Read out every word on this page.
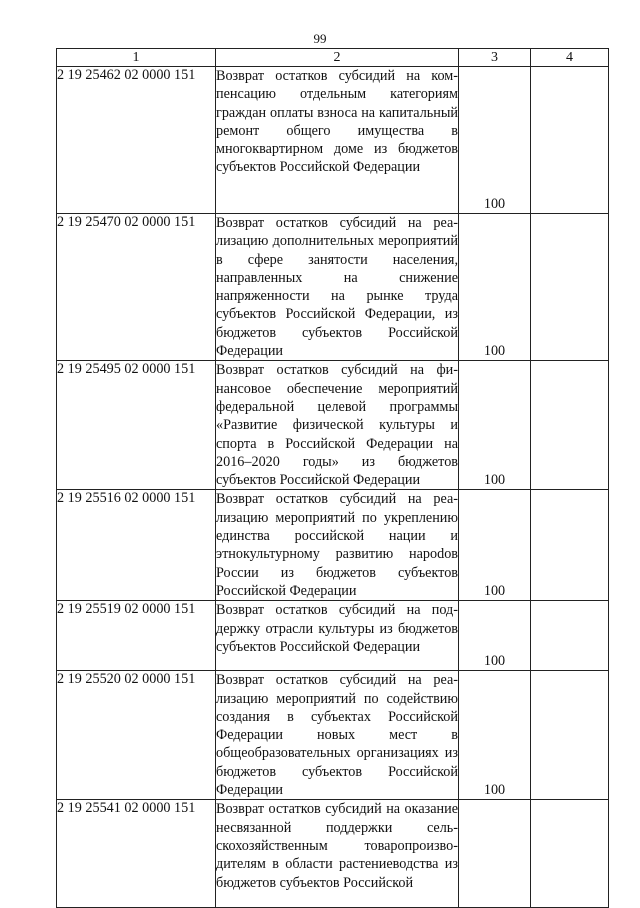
99
1	2	3	4
2 19 25462 02 0000 151	Возврат остатков субсидий на компенсацию отдельным категориям граждан оплаты взноса на капитальный ремонт общего имущества в многоквартирном доме из бюджетов субъектов Российской Федерации	100	
2 19 25470 02 0000 151	Возврат остатков субсидий на реализацию дополнительных мероприятий в сфере занятости населения, направленных на снижение напряженности на рынке труда субъектов Российской Федерации, из бюджетов субъектов Российской Федерации	100	
2 19 25495 02 0000 151	Возврат остатков субсидий на финансовое обеспечение мероприятий федеральной целевой программы «Развитие физической культуры и спорта в Российской Федерации на 2016–2020 годы» из бюджетов субъектов Российской Федерации	100	
2 19 25516 02 0000 151	Возврат остатков субсидий на реализацию мероприятий по укреплению единства российской нации и этнокультурному развитию нароdов России из бюджетов субъектов Российской Федерации	100	
2 19 25519 02 0000 151	Возврат остатков субсидий на поддержку отрасли культуры из бюджетов субъектов Российской Федерации	100	
2 19 25520 02 0000 151	Возврат остатков субсидий на реализацию мероприятий по содействию создания в субъектах Российской Федерации новых мест в общеобразовательных организациях из бюджетов субъектов Российской Федерации	100	
2 19 25541 02 0000 151	Возврат остатков субсидий на оказание несвязанной поддержки сельскохозяйственным товаропроизводителям в области растениеводства из бюджетов субъектов Российской		
